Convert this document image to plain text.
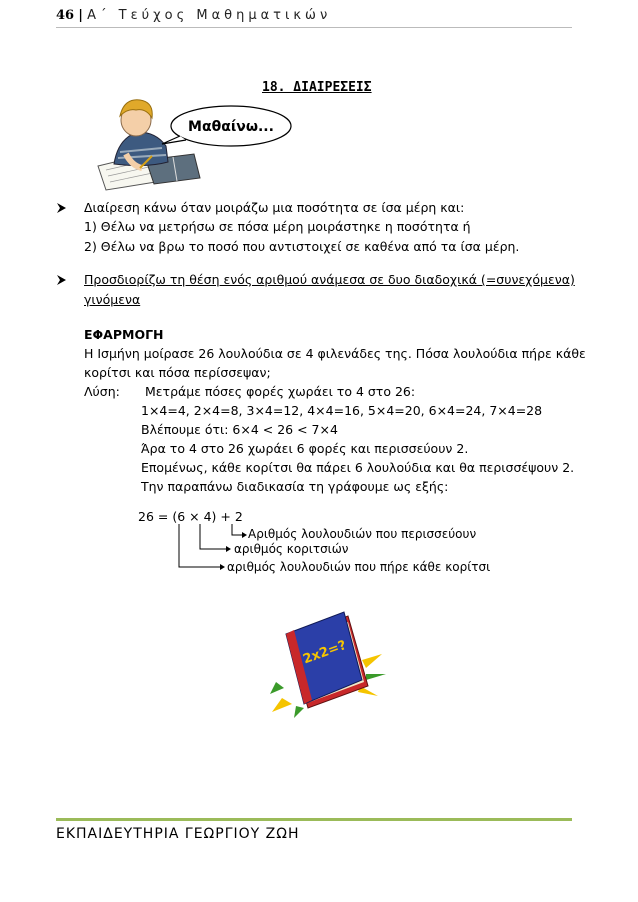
46 | Α΄ Τεύχος Μαθηματικών
18. ΔΙΑΙΡΕΣΕΙΣ
Μαθαίνω...
Διαίρεση κάνω όταν μοιράζω μια ποσότητα σε ίσα μέρη και:
1) Θέλω να μετρήσω σε πόσα μέρη μοιράστηκε η ποσότητα ή
2) Θέλω να βρω το ποσό που αντιστοιχεί σε καθένα από τα ίσα μέρη.
Προσδιορίζω τη θέση ενός αριθμού ανάμεσα σε δυο διαδοχικά (=συνεχόμενα)
γινόμενα
ΕΦΑΡΜΟΓΗ
Η Ισμήνη μοίρασε 26 λουλούδια σε 4 φιλενάδες της. Πόσα λουλούδια πήρε κάθε
κορίτσι και πόσα περίσσεψαν;
Λύση: Μετράμε πόσες φορές χωράει το 4 στο 26:
1×4=4, 2×4=8, 3×4=12, 4×4=16, 5×4=20, 6×4=24, 7×4=28
Βλέπουμε ότι: 6×4 < 26 < 7×4
Άρα το 4 στο 26 χωράει 6 φορές και περισσεύουν 2.
Επομένως, κάθε κορίτσι θα πάρει 6 λουλούδια και θα περισσέψουν 2.
Την παραπάνω διαδικασία τη γράφουμε ως εξής:
26 = (6 × 4) + 2
Αριθμός λουλουδιών που περισσεύουν
αριθμός κοριτσιών
αριθμός λουλουδιών που πήρε κάθε κορίτσι
2x2=?
ΕΚΠΑΙΔΕΥΤΗΡΙΑ ΓΕΩΡΓΙΟΥ ΖΩΗ
